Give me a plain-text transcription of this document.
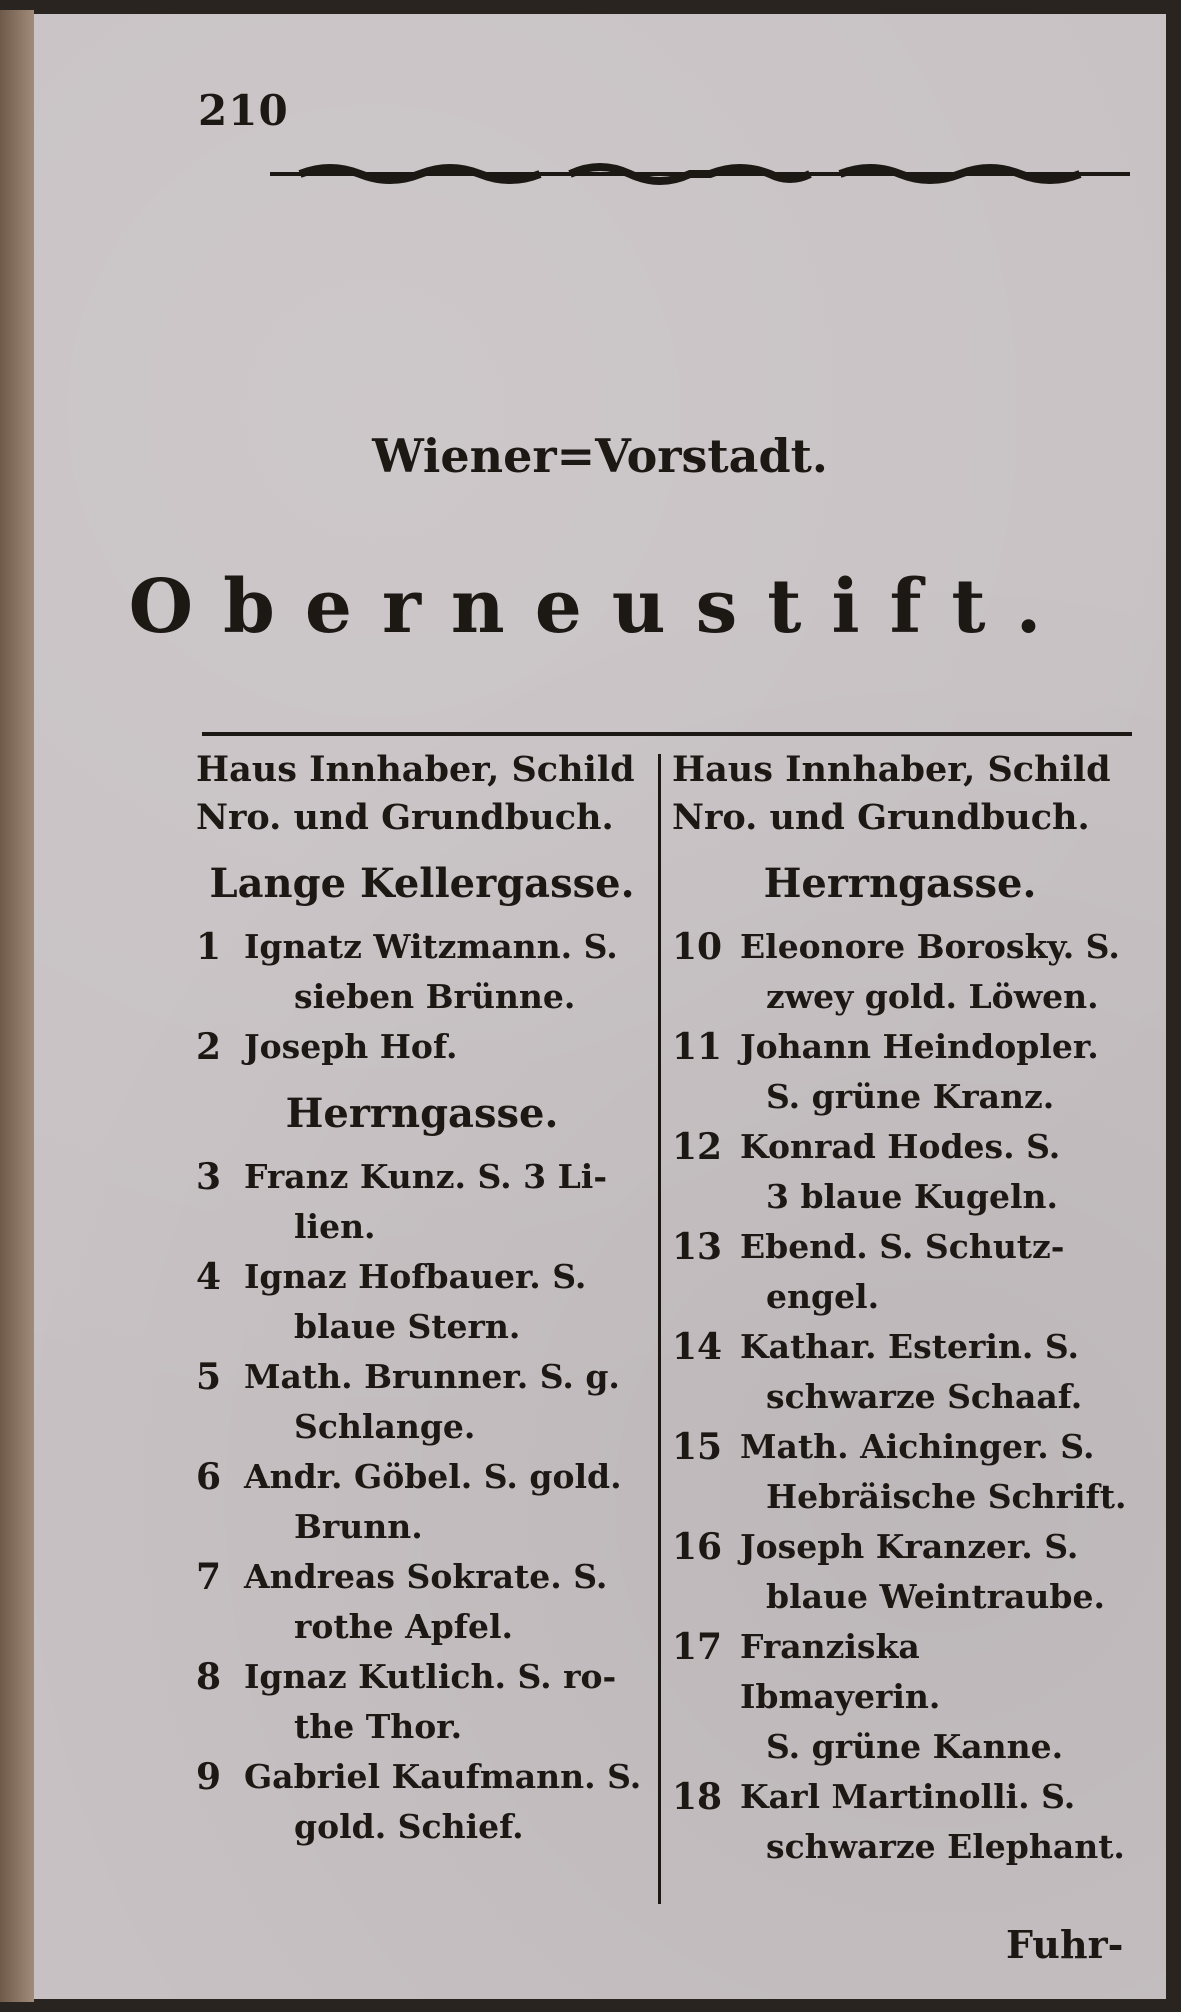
210
Wiener=Vorstadt.
Oberneustift.
Haus Innhaber, Schild
Nro. und Grundbuch.
Lange Kellergasse.
1 Ignatz Witzmann. S.
sieben Brünne.
2 Joseph Hof.
Herrngasse.
3 Franz Kunz. S. 3 Li-
lien.
4 Ignaz Hofbauer. S.
blaue Stern.
5 Math. Brunner. S. g.
Schlange.
6 Andr. Göbel. S. gold.
Brunn.
7 Andreas Sokrate. S.
rothe Apfel.
8 Ignaz Kutlich. S. ro-
the Thor.
9 Gabriel Kaufmann. S.
gold. Schief.
Haus Innhaber, Schild
Nro. und Grundbuch.
Herrngasse.
10 Eleonore Borosky. S.
zwey gold. Löwen.
11 Johann Heindopler.
S. grüne Kranz.
12 Konrad Hodes. S.
3 blaue Kugeln.
13 Ebend. S. Schutz-
engel.
14 Kathar. Esterin. S.
schwarze Schaaf.
15 Math. Aichinger. S.
Hebräische Schrift.
16 Joseph Kranzer. S.
blaue Weintraube.
17 Franziska Ibmayerin.
S. grüne Kanne.
18 Karl Martinolli. S.
schwarze Elephant.
Fuhr-
